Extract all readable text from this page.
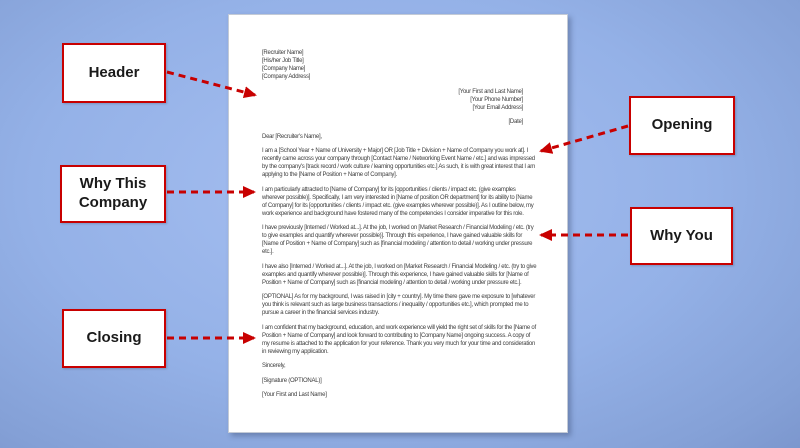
Header
Why This Company
Closing
Opening
Why You
[Recruiter Name]
[His/her Job Title]
[Company Name]
[Company Address]
[Your First and Last Name]
[Your Phone Number]
[Your Email Address]
[Date]
Dear [Recruiter's Name],

I am a [School Year + Name of University + Major] OR [Job Title + Division + Name of Company you work at]. I recently came across your company through [Contact Name / Networking Event Name / etc.] and was impressed by the company's [track record / work culture / learning opportunities etc.] As such, it is with great interest that I am applying to the [Name of Position + Name of Company].

I am particularly attracted to [Name of Company] for its [opportunities / clients / impact etc. (give examples wherever possible)]. Specifically, I am very interested in [Name of position OR department] for its ability to [Name of Company] for its [opportunities / clients / impact etc. (give examples wherever possible)]. As I outline below, my work experience and background have fostered many of the competencies I consider imperative for this role.

I have previously [Interned / Worked at...]. At the job, I worked on [Market Research / Financial Modeling / etc. (try to give examples and quantify wherever possible)]. Through this experience, I have gained valuable skills for [Name of Position + Name of Company] such as [financial modeling / attention to detail / working under pressure etc.].

I have also [Interned / Worked at...]. At the job, I worked on [Market Research / Financial Modeling / etc. (try to give examples and quantify wherever possible)]. Through this experience, I have gained valuable skills for [Name of Position + Name of Company] such as [financial modeling / attention to detail / working under pressure etc.].

[OPTIONAL] As for my background, I was raised in [city + country]. My time there gave me exposure to [whatever you think is relevant such as large business transactions / inequality / opportunities etc.], which prompted me to pursue a career in the financial services industry.

I am confident that my background, education, and work experience will yield the right set of skills for the [Name of Position + Name of Company] and look forward to contributing to [Company Name] ongoing success. A copy of my resume is attached to the application for your reference. Thank you very much for your time and consideration in reviewing my application.

Sincerely,
[Signature (OPTIONAL)]
[Your First and Last Name]
